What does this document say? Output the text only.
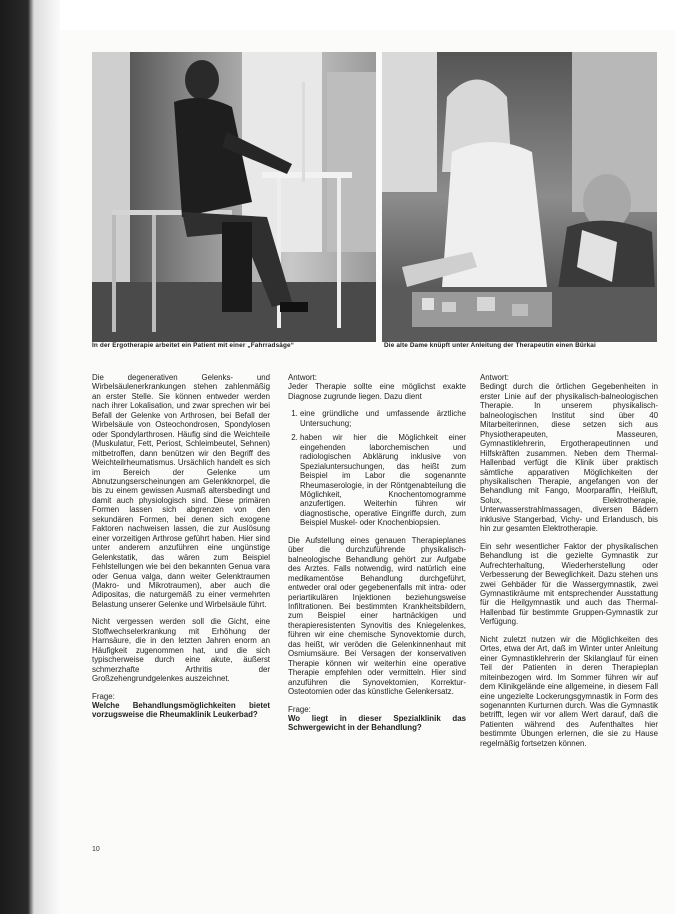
In der Ergotherapie arbeitet ein Patient mit einer „Fahrradsäge“	Die alte Dame knüpft unter Anleitung der Therapeutin einen Bürkai

Die degenerativen Gelenks- und Wirbelsäulenerkrankungen stehen zahlenmäßig an erster Stelle. Sie können entweder werden nach ihrer Lokalisation, und zwar sprechen wir bei Befall der Gelenke von Arthrosen, bei Befall der Wirbelsäule von Osteochondrosen, Spondylosen oder Spondylarthrosen. Häufig sind die Weichteile (Muskulatur, Fett, Periost, Schleimbeutel, Sehnen) mitbetroffen, dann benützen wir den Begriff des Weichteilrheumatismus. Ursächlich handelt es sich im Bereich der Gelenke um Abnutzungserscheinungen am Gelenkknorpel, die bis zu einem gewissen Ausmaß altersbedingt und damit auch physiologisch sind. Diese primären Formen lassen sich abgrenzen von den sekundären Formen, bei denen sich exogene Faktoren nachweisen lassen, die zur Auslösung einer vorzeitigen Arthrose geführt haben. Hier sind unter anderem anzuführen eine ungünstige Gelenkstatik, das wären zum Beispiel Fehlstellungen wie bei den bekannten Genua vara oder Genua valga, dann weiter Gelenktraumen (Makro- und Mikrotraumen), aber auch die Adipositas, die naturgemäß zu einer vermehrten Belastung unserer Gelenke und Wirbelsäule führt.

Nicht vergessen werden soll die Gicht, eine Stoffwechselerkrankung mit Erhöhung der Harnsäure, die in den letzten Jahren enorm an Häufigkeit zugenommen hat, und die sich typischerweise durch eine akute, äußerst schmerzhafte Arthritis der Großzehengrundgelenkes auszeichnet.

Frage:

Welche Behandlungsmöglichkeiten bietet vorzugsweise die Rheumaklinik Leukerbad?

Antwort:

Jeder Therapie sollte eine möglichst exakte Diagnose zugrunde liegen. Dazu dient

1. eine gründliche und umfassende ärztliche Untersuchung;
2. haben wir hier die Möglichkeit einer eingehenden laborchemischen und radiologischen Abklärung inklusive von Spezialuntersuchungen, das heißt zum Beispiel im Labor die sogenannte Rheumaserologie, in der Röntgenabteilung die Möglichkeit, Knochentomogramme anzufertigen. Weiterhin führen wir diagnostische, operative Eingriffe durch, zum Beispiel Muskel- oder Knochenbiopsien.

Die Aufstellung eines genauen Therapieplanes über die durchzuführende physikalisch-balneologische Behandlung gehört zur Aufgabe des Arztes. Falls notwendig, wird natürlich eine medikamentöse Behandlung durchgeführt, entweder oral oder gegebenenfalls mit intra- oder periartikulären Injektionen beziehungsweise Infiltrationen. Bei bestimmten Krankheitsbildern, zum Beispiel einer hartnäckigen und therapieresistenten Synovitis des Kniegelenkes, führen wir eine chemische Synovektomie durch, das heißt, wir veröden die Gelenkinnenhaut mit Osmiumsäure. Bei Versagen der konservativen Therapie können wir weiterhin eine operative Therapie empfehlen oder vermitteln. Hier sind anzuführen die Synovektomien, Korrektur-Osteotomien oder das künstliche Gelenkersatz.

Frage:

Wo liegt in dieser Spezialklinik das Schwergewicht in der Behandlung?

Antwort:

Bedingt durch die örtlichen Gegebenheiten in erster Linie auf der physikalisch-balneologischen Therapie. In unserem physikalisch-balneologischen Institut sind über 40 Mitarbeiterinnen, diese setzen sich aus Physiotherapeuten, Masseuren, Gymnastiklehrerin, Ergotherapeutinnen und Hilfskräften zusammen. Neben dem Thermal-Hallenbad verfügt die Klinik über praktisch sämtliche apparativen Möglichkeiten der physikalischen Therapie, angefangen von der Behandlung mit Fango, Moorparaffin, Heißluft, Solux, Elektrotherapie, Unterwasserstrahlmassagen, diversen Bädern inklusive Stangerbad, Vichy- und Erlandusch, bis hin zur gesamten Elektrotherapie.

Ein sehr wesentlicher Faktor der physikalischen Behandlung ist die gezielte Gymnastik zur Aufrechterhaltung, Wiederherstellung oder Verbesserung der Beweglichkeit. Dazu stehen uns zwei Gehbäder für die Wassergymnastik, zwei Gymnastikräume mit entsprechender Ausstattung für die Heilgymnastik und auch das Thermal-Hallenbad für bestimmte Gruppen-Gymnastik zur Verfügung.

Nicht zuletzt nutzen wir die Möglichkeiten des Ortes, etwa der Art, daß im Winter unter Anleitung einer Gymnastiklehrerin der Skilanglauf für einen Teil der Patienten in deren Therapieplan miteinbezogen wird. Im Sommer führen wir auf dem Klinikgelände eine allgemeine, in diesem Fall eine ungezielte Lockerungsgymnastik in Form des sogenannten Kurturnen durch. Was die Gymnastik betrifft, legen wir vor allem Wert darauf, daß die Patienten während des Aufenthaltes hier bestimmte Übungen erlernen, die sie zu Hause regelmäßig fortsetzen können.

10
